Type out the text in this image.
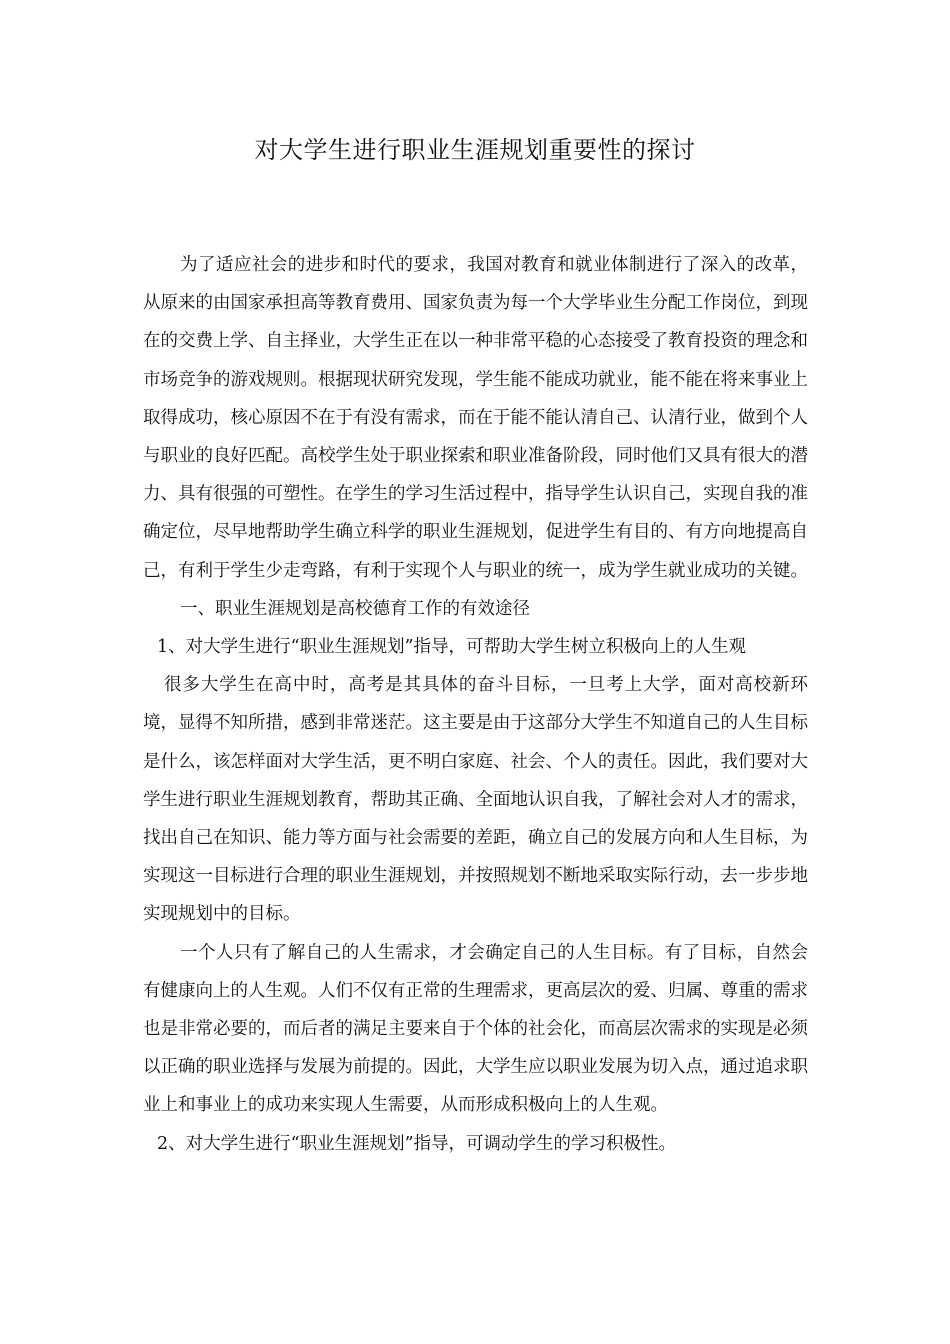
对大学生进行职业生涯规划重要性的探讨

为了适应社会的进步和时代的要求，我国对教育和就业体制进行了深入的改革，从原来的由国家承担高等教育费用、国家负责为每一个大学毕业生分配工作岗位，到现在的交费上学、自主择业，大学生正在以一种非常平稳的心态接受了教育投资的理念和市场竞争的游戏规则。根据现状研究发现，学生能不能成功就业，能不能在将来事业上取得成功，核心原因不在于有没有需求，而在于能不能认清自己、认清行业，做到个人与职业的良好匹配。高校学生处于职业探索和职业准备阶段，同时他们又具有很大的潜力、具有很强的可塑性。在学生的学习生活过程中，指导学生认识自己，实现自我的准确定位，尽早地帮助学生确立科学的职业生涯规划，促进学生有目的、有方向地提高自己，有利于学生少走弯路，有利于实现个人与职业的统一，成为学生就业成功的关键。

一、职业生涯规划是高校德育工作的有效途径

1、对大学生进行“职业生涯规划”指导，可帮助大学生树立积极向上的人生观

很多大学生在高中时，高考是其具体的奋斗目标，一旦考上大学，面对高校新环境，显得不知所措，感到非常迷茫。这主要是由于这部分大学生不知道自己的人生目标是什么，该怎样面对大学生活，更不明白家庭、社会、个人的责任。因此，我们要对大学生进行职业生涯规划教育，帮助其正确、全面地认识自我，了解社会对人才的需求，找出自己在知识、能力等方面与社会需要的差距，确立自己的发展方向和人生目标，为实现这一目标进行合理的职业生涯规划，并按照规划不断地采取实际行动，去一步步地实现规划中的目标。

一个人只有了解自己的人生需求，才会确定自己的人生目标。有了目标，自然会有健康向上的人生观。人们不仅有正常的生理需求，更高层次的爱、归属、尊重的需求也是非常必要的，而后者的满足主要来自于个体的社会化，而高层次需求的实现是必须以正确的职业选择与发展为前提的。因此，大学生应以职业发展为切入点，通过追求职业上和事业上的成功来实现人生需要，从而形成积极向上的人生观。

2、对大学生进行“职业生涯规划”指导，可调动学生的学习积极性。
